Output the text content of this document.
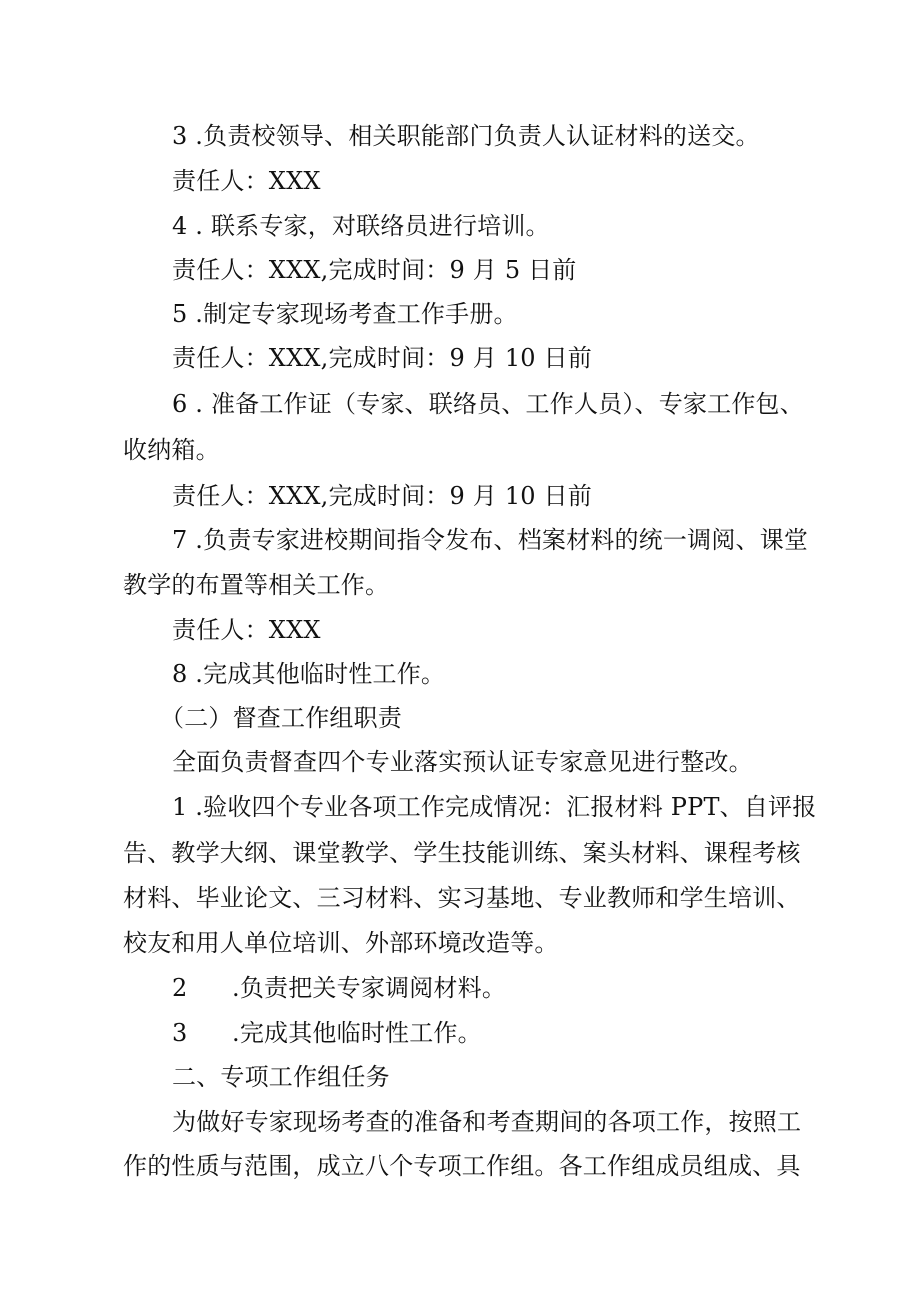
3 .负责校领导、相关职能部门负责人认证材料的送交。
责任人：XXX
4 . 联系专家，对联络员进行培训。
责任人：XXX,完成时间：9 月 5 日前
5 .制定专家现场考查工作手册。
责任人：XXX,完成时间：9 月 10 日前
6 . 准备工作证（专家、联络员、工作人员）、专家工作包、
收纳箱。
责任人：XXX,完成时间：9 月 10 日前
7 .负责专家进校期间指令发布、档案材料的统一调阅、课堂
教学的布置等相关工作。
责任人：XXX
8 .完成其他临时性工作。
（二）督查工作组职责
全面负责督查四个专业落实预认证专家意见进行整改。
1 .验收四个专业各项工作完成情况：汇报材料 PPT、自评报
告、教学大纲、课堂教学、学生技能训练、案头材料、课程考核
材料、毕业论文、三习材料、实习基地、专业教师和学生培训、
校友和用人单位培训、外部环境改造等。
2 .负责把关专家调阅材料。
3 .完成其他临时性工作。
二、专项工作组任务
为做好专家现场考查的准备和考查期间的各项工作，按照工
作的性质与范围，成立八个专项工作组。各工作组成员组成、具
